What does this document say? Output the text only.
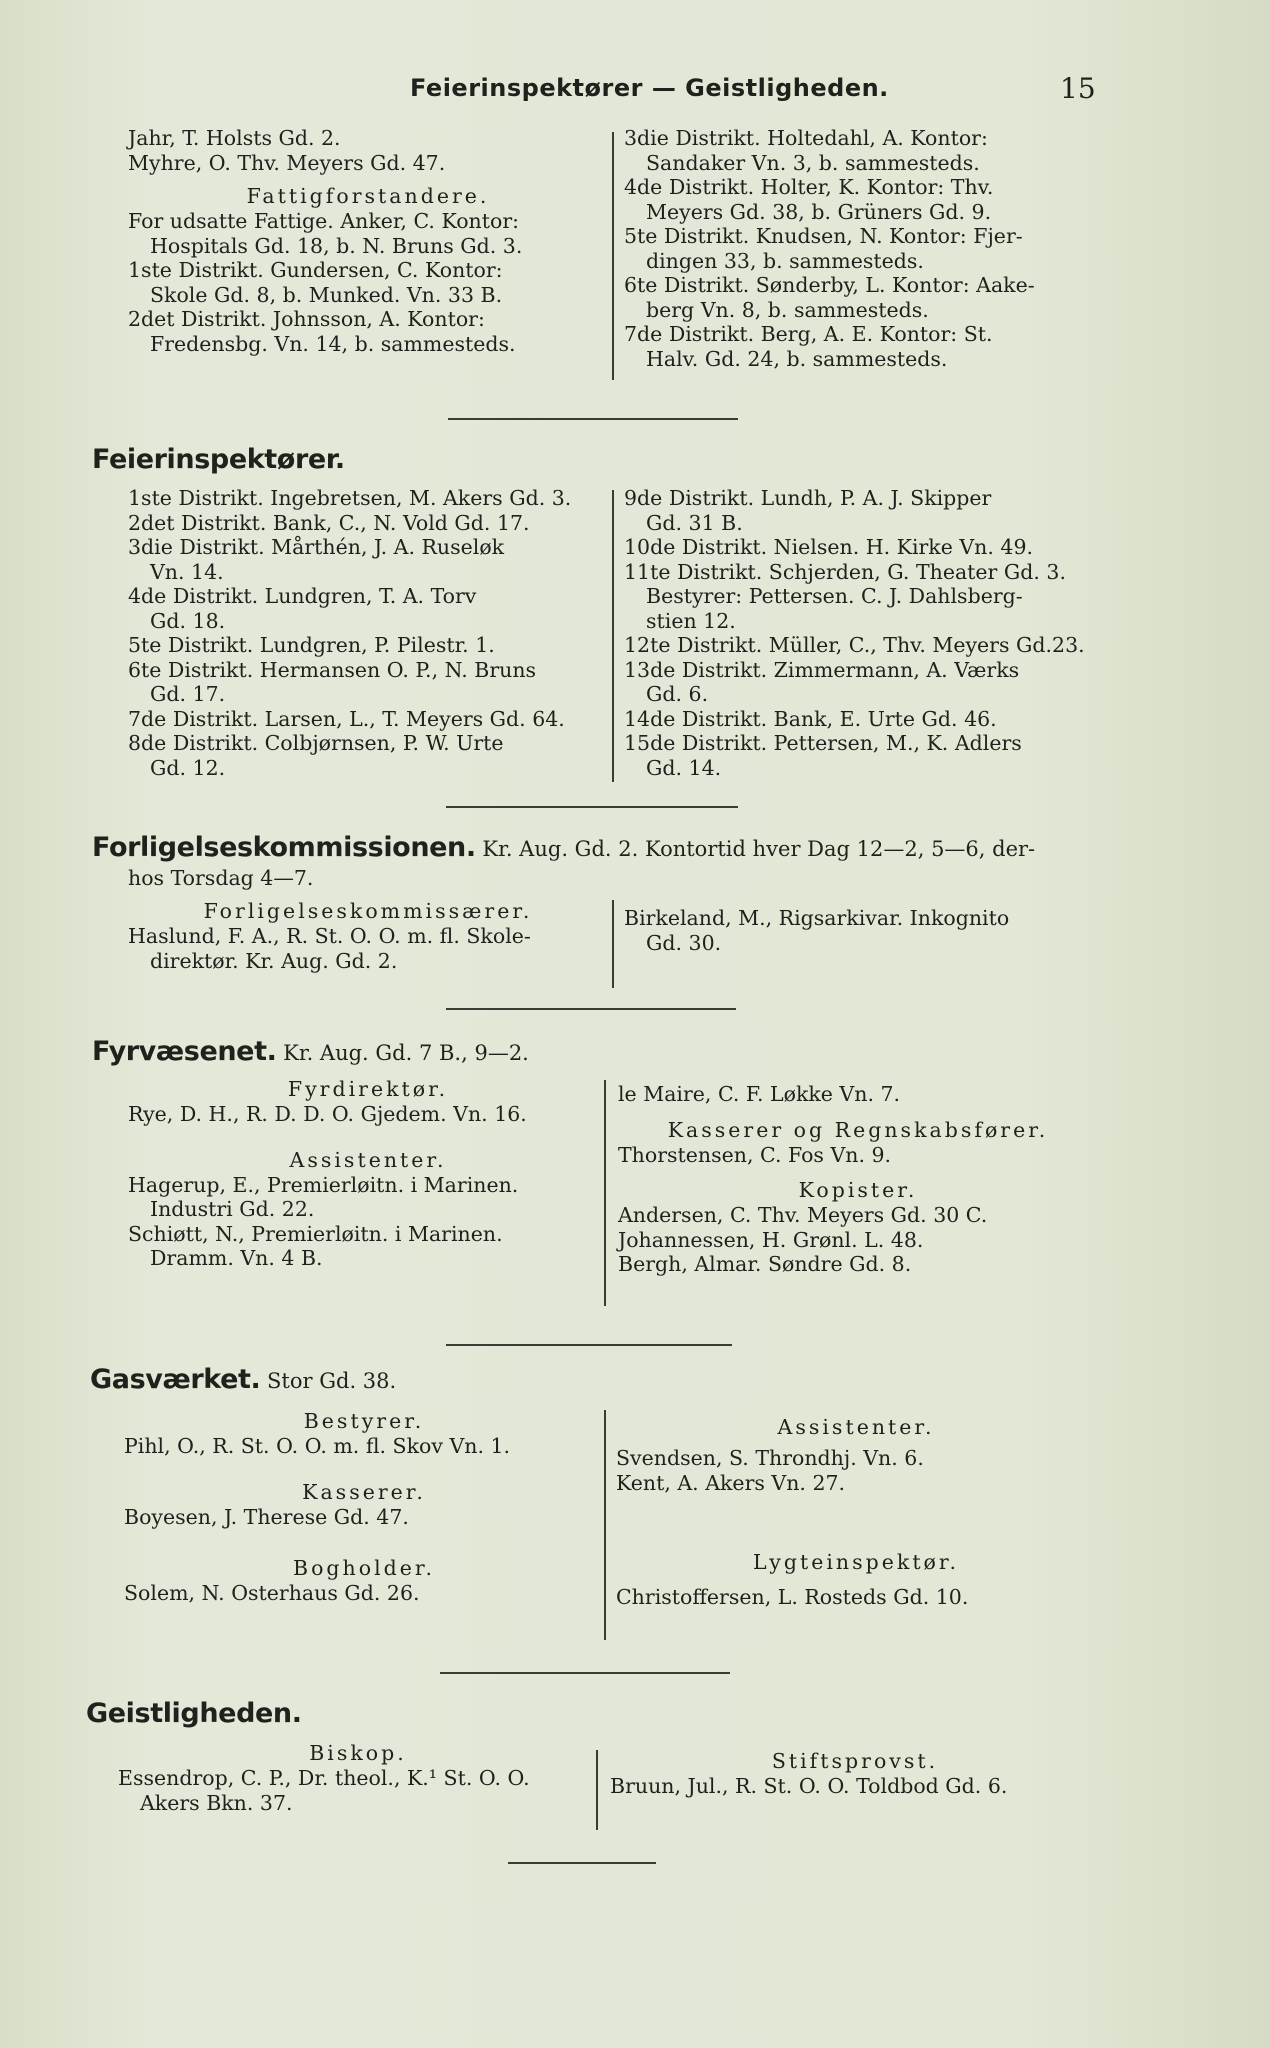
Feierinspektører — Geistligheden.	15
Jahr, T. Holsts Gd. 2.
Myhre, O. Thv. Meyers Gd. 47.
Fattigforstandere.
For udsatte Fattige. Anker, C. Kontor:
Hospitals Gd. 18, b. N. Bruns Gd. 3.
1ste Distrikt. Gundersen, C. Kontor:
Skole Gd. 8, b. Munked. Vn. 33 B.
2det Distrikt. Johnsson, A. Kontor:
Fredensbg. Vn. 14, b. sammesteds.
3die Distrikt. Holtedahl, A. Kontor:
Sandaker Vn. 3, b. sammesteds.
4de Distrikt. Holter, K. Kontor: Thv.
Meyers Gd. 38, b. Grüners Gd. 9.
5te Distrikt. Knudsen, N. Kontor: Fjer-
dingen 33, b. sammesteds.
6te Distrikt. Sønderby, L. Kontor: Aake-
berg Vn. 8, b. sammesteds.
7de Distrikt. Berg, A. E. Kontor: St.
Halv. Gd. 24, b. sammesteds.
Feierinspektører.
1ste Distrikt. Ingebretsen, M. Akers Gd. 3.
2det Distrikt. Bank, C., N. Vold Gd. 17.
3die Distrikt. Mårthén, J. A. Ruseløk
Vn. 14.
4de Distrikt. Lundgren, T. A. Torv
Gd. 18.
5te Distrikt. Lundgren, P. Pilestr. 1.
6te Distrikt. Hermansen O. P., N. Bruns
Gd. 17.
7de Distrikt. Larsen, L., T. Meyers Gd. 64.
8de Distrikt. Colbjørnsen, P. W. Urte
Gd. 12.
9de Distrikt. Lundh, P. A. J. Skipper
Gd. 31 B.
10de Distrikt. Nielsen. H. Kirke Vn. 49.
11te Distrikt. Schjerden, G. Theater Gd. 3.
Bestyrer: Pettersen. C. J. Dahlsberg-
stien 12.
12te Distrikt. Müller, C., Thv. Meyers Gd.23.
13de Distrikt. Zimmermann, A. Værks
Gd. 6.
14de Distrikt. Bank, E. Urte Gd. 46.
15de Distrikt. Pettersen, M., K. Adlers
Gd. 14.
Forligelseskommissionen. Kr. Aug. Gd. 2. Kontortid hver Dag 12—2, 5—6, der-
hos Torsdag 4—7.
Forligelseskommissærer.
Haslund, F. A., R. St. O. O. m. fl. Skole-
direktør. Kr. Aug. Gd. 2.
Birkeland, M., Rigsarkivar. Inkognito
Gd. 30.
Fyrvæsenet. Kr. Aug. Gd. 7 B., 9—2.
Fyrdirektør.
Rye, D. H., R. D. D. O. Gjedem. Vn. 16.
Assistenter.
Hagerup, E., Premierløitn. i Marinen.
Industri Gd. 22.
Schiøtt, N., Premierløitn. i Marinen.
Dramm. Vn. 4 B.
le Maire, C. F. Løkke Vn. 7.
Kasserer og Regnskabsfører.
Thorstensen, C. Fos Vn. 9.
Kopister.
Andersen, C. Thv. Meyers Gd. 30 C.
Johannessen, H. Grønl. L. 48.
Bergh, Almar. Søndre Gd. 8.
Gasværket. Stor Gd. 38.
Bestyrer.
Pihl, O., R. St. O. O. m. fl. Skov Vn. 1.
Kasserer.
Boyesen, J. Therese Gd. 47.
Bogholder.
Solem, N. Osterhaus Gd. 26.
Assistenter.
Svendsen, S. Throndhj. Vn. 6.
Kent, A. Akers Vn. 27.
Lygteinspektør.
Christoffersen, L. Rosteds Gd. 10.
Geistligheden.
Biskop.
Essendrop, C. P., Dr. theol., K.¹ St. O. O.
Akers Bkn. 37.
Stiftsprovst.
Bruun, Jul., R. St. O. O. Toldbod Gd. 6.
